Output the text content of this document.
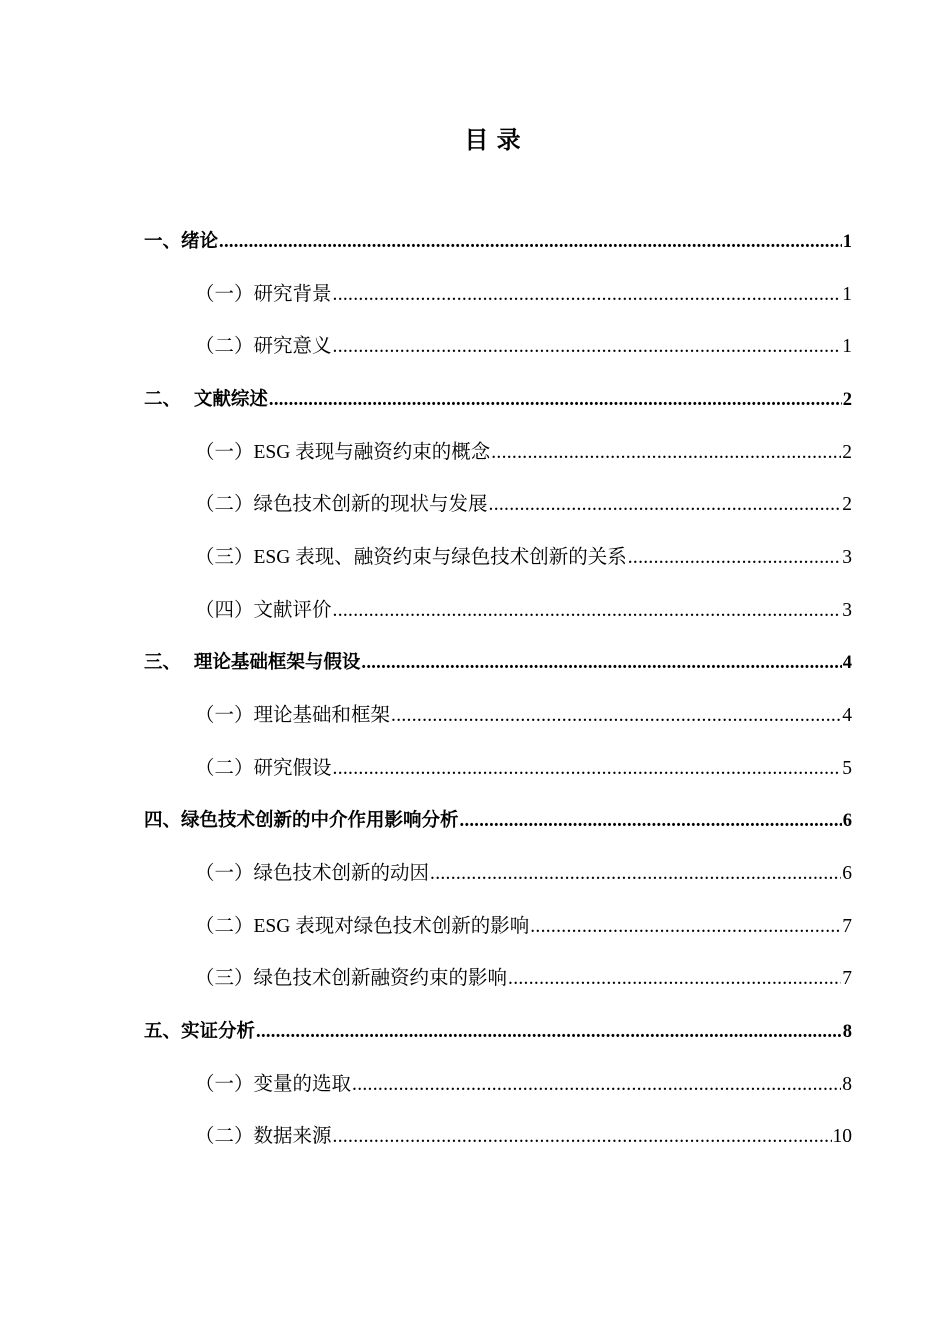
目 录
一、绪论 .....	1
（一）研究背景 .....	1
（二）研究意义 .....	1
二、  文献综述 .....	2
（一）ESG 表现与融资约束的概念 .....	2
（二）绿色技术创新的现状与发展 .....	2
（三）ESG 表现、融资约束与绿色技术创新的关系 .....	3
（四）文献评价 .....	3
三、  理论基础框架与假设 .....	4
（一）理论基础和框架 .....	4
（二）研究假设 .....	5
四、绿色技术创新的中介作用影响分析 .....	6
（一）绿色技术创新的动因 .....	6
（二）ESG 表现对绿色技术创新的影响 .....	7
（三）绿色技术创新融资约束的影响 .....	7
五、实证分析 .....	8
（一）变量的选取 .....	8
（二）数据来源 .....	10
